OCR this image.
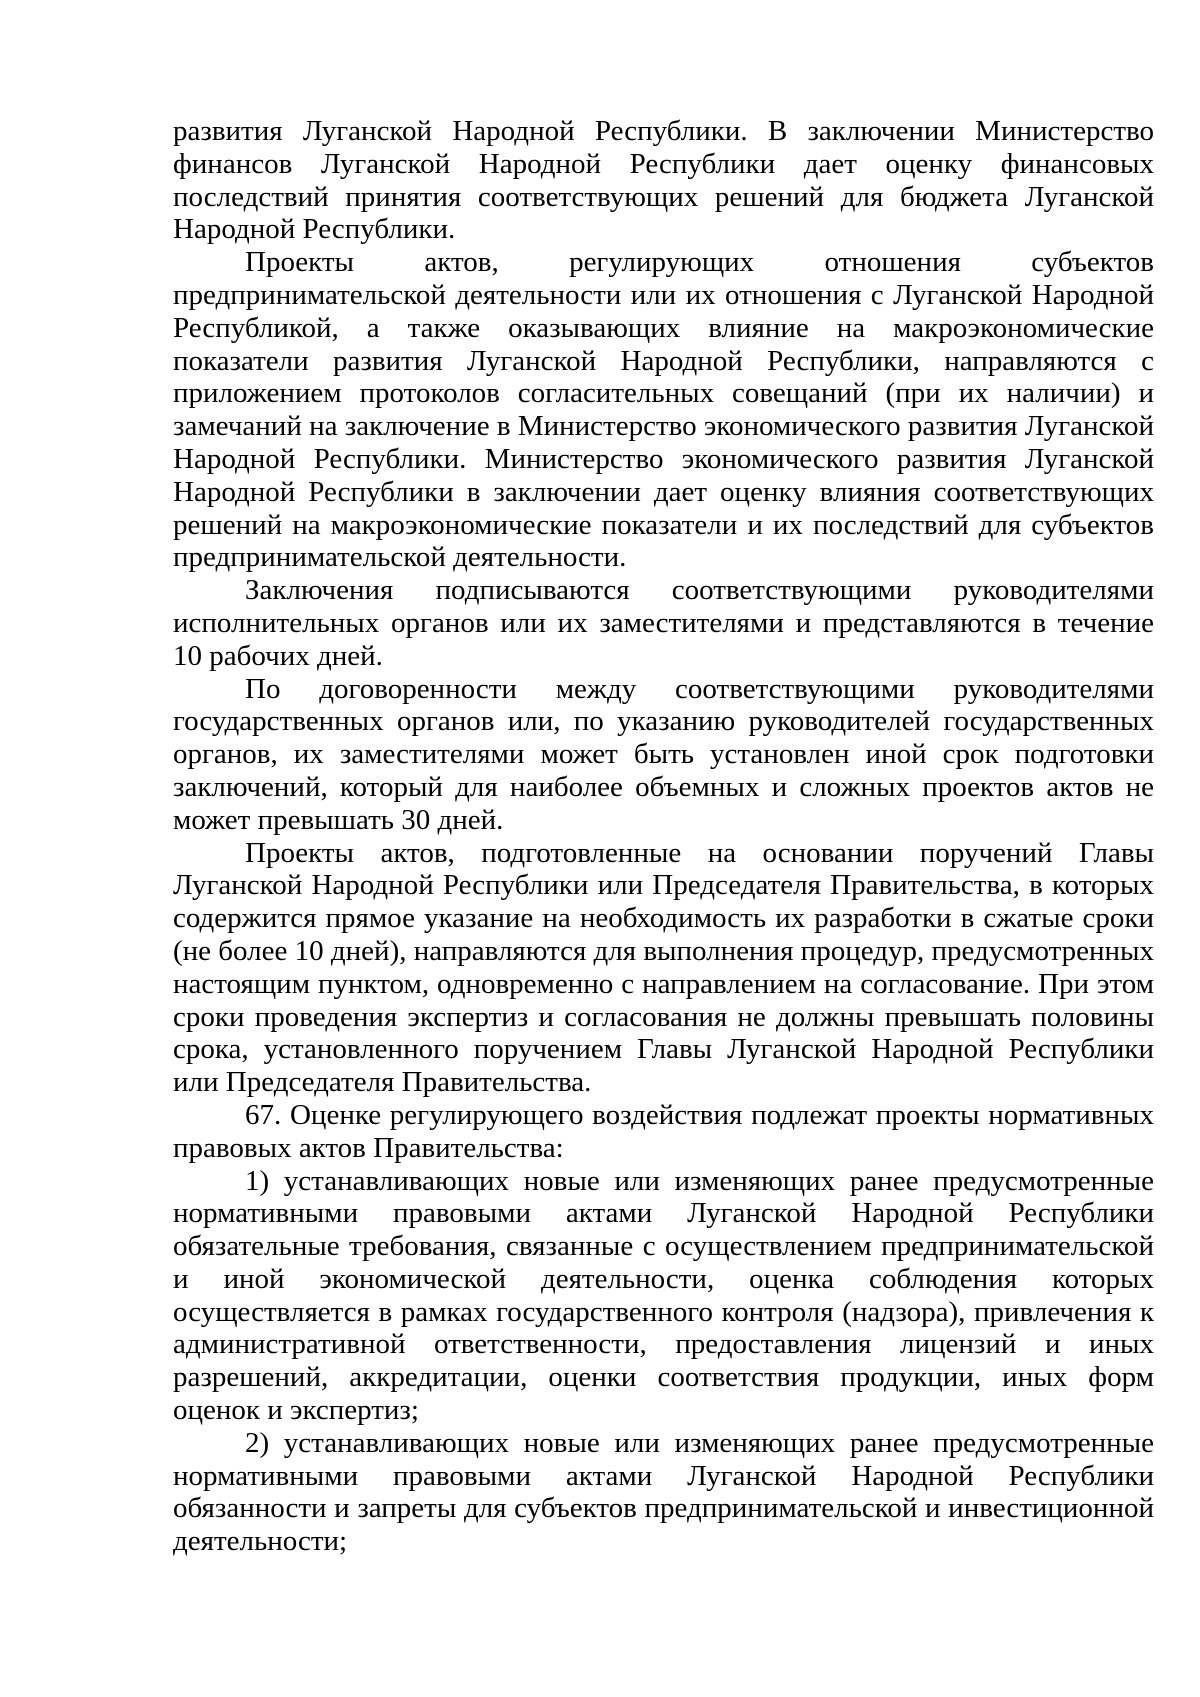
развития Луганской Народной Республики. В заключении Министерство финансов Луганской Народной Республики дает оценку финансовых последствий принятия соответствующих решений для бюджета Луганской Народной Республики.

Проекты актов, регулирующих отношения субъектов предпринимательской деятельности или их отношения с Луганской Народной Республикой, а также оказывающих влияние на макроэкономические показатели развития Луганской Народной Республики, направляются с приложением протоколов согласительных совещаний (при их наличии) и замечаний на заключение в Министерство экономического развития Луганской Народной Республики. Министерство экономического развития Луганской Народной Республики в заключении дает оценку влияния соответствующих решений на макроэкономические показатели и их последствий для субъектов предпринимательской деятельности.

Заключения подписываются соответствующими руководителями исполнительных органов или их заместителями и представляются в течение 10 рабочих дней.

По договоренности между соответствующими руководителями государственных органов или, по указанию руководителей государственных органов, их заместителями может быть установлен иной срок подготовки заключений, который для наиболее объемных и сложных проектов актов не может превышать 30 дней.

Проекты актов, подготовленные на основании поручений Главы Луганской Народной Республики или Председателя Правительства, в которых содержится прямое указание на необходимость их разработки в сжатые сроки (не более 10 дней), направляются для выполнения процедур, предусмотренных настоящим пунктом, одновременно с направлением на согласование. При этом сроки проведения экспертиз и согласования не должны превышать половины срока, установленного поручением Главы Луганской Народной Республики или Председателя Правительства.

67. Оценке регулирующего воздействия подлежат проекты нормативных правовых актов Правительства:

1) устанавливающих новые или изменяющих ранее предусмотренные нормативными правовыми актами Луганской Народной Республики обязательные требования, связанные с осуществлением предпринимательской и иной экономической деятельности, оценка соблюдения которых осуществляется в рамках государственного контроля (надзора), привлечения к административной ответственности, предоставления лицензий и иных разрешений, аккредитации, оценки соответствия продукции, иных форм оценок и экспертиз;

2) устанавливающих новые или изменяющих ранее предусмотренные нормативными правовыми актами Луганской Народной Республики обязанности и запреты для субъектов предпринимательской и инвестиционной деятельности;
